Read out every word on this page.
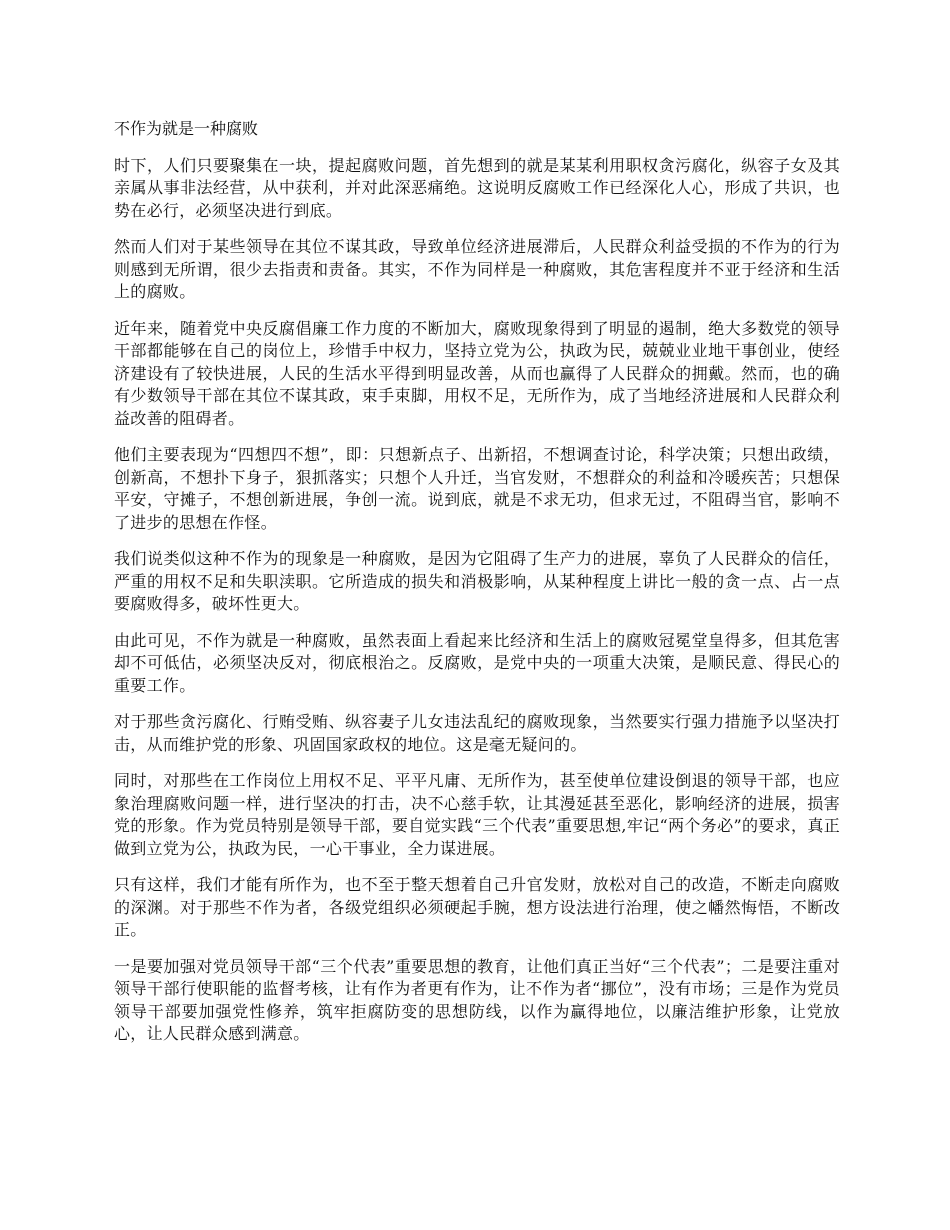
不作为就是一种腐败

时下，人们只要聚集在一块，提起腐败问题，首先想到的就是某某利用职权贪污腐化，纵容子女及其亲属从事非法经营，从中获利，并对此深恶痛绝。这说明反腐败工作已经深化人心，形成了共识，也势在必行，必须坚决进行到底。

然而人们对于某些领导在其位不谋其政，导致单位经济进展滞后，人民群众利益受损的不作为的行为则感到无所谓，很少去指责和责备。其实，不作为同样是一种腐败，其危害程度并不亚于经济和生活上的腐败。

近年来，随着党中央反腐倡廉工作力度的不断加大，腐败现象得到了明显的遏制，绝大多数党的领导干部都能够在自己的岗位上，珍惜手中权力，坚持立党为公，执政为民，兢兢业业地干事创业，使经济建设有了较快进展，人民的生活水平得到明显改善，从而也赢得了人民群众的拥戴。然而，也的确有少数领导干部在其位不谋其政，束手束脚，用权不足，无所作为，成了当地经济进展和人民群众利益改善的阻碍者。

他们主要表现为“四想四不想”，即：只想新点子、出新招，不想调查讨论，科学决策；只想出政绩，创新高，不想扑下身子，狠抓落实；只想个人升迁，当官发财，不想群众的利益和冷暖疾苦；只想保平安，守摊子，不想创新进展，争创一流。说到底，就是不求无功，但求无过，不阻碍当官，影响不了进步的思想在作怪。

我们说类似这种不作为的现象是一种腐败，是因为它阻碍了生产力的进展，辜负了人民群众的信任，严重的用权不足和失职渎职。它所造成的损失和消极影响，从某种程度上讲比一般的贪一点、占一点要腐败得多，破坏性更大。

由此可见，不作为就是一种腐败，虽然表面上看起来比经济和生活上的腐败冠冕堂皇得多，但其危害却不可低估，必须坚决反对，彻底根治之。反腐败，是党中央的一项重大决策，是顺民意、得民心的重要工作。

对于那些贪污腐化、行贿受贿、纵容妻子儿女违法乱纪的腐败现象，当然要实行强力措施予以坚决打击，从而维护党的形象、巩固国家政权的地位。这是毫无疑问的。

同时，对那些在工作岗位上用权不足、平平凡庸、无所作为，甚至使单位建设倒退的领导干部，也应象治理腐败问题一样，进行坚决的打击，决不心慈手软，让其漫延甚至恶化，影响经济的进展，损害党的形象。作为党员特别是领导干部，要自觉实践“三个代表”重要思想,牢记“两个务必”的要求，真正做到立党为公，执政为民，一心干事业，全力谋进展。

只有这样，我们才能有所作为，也不至于整天想着自己升官发财，放松对自己的改造，不断走向腐败的深渊。对于那些不作为者，各级党组织必须硬起手腕，想方设法进行治理，使之幡然悔悟，不断改正。

一是要加强对党员领导干部“三个代表”重要思想的教育，让他们真正当好“三个代表”；二是要注重对领导干部行使职能的监督考核，让有作为者更有作为，让不作为者“挪位”，没有市场；三是作为党员领导干部要加强党性修养，筑牢拒腐防变的思想防线，以作为赢得地位，以廉洁维护形象，让党放心，让人民群众感到满意。
